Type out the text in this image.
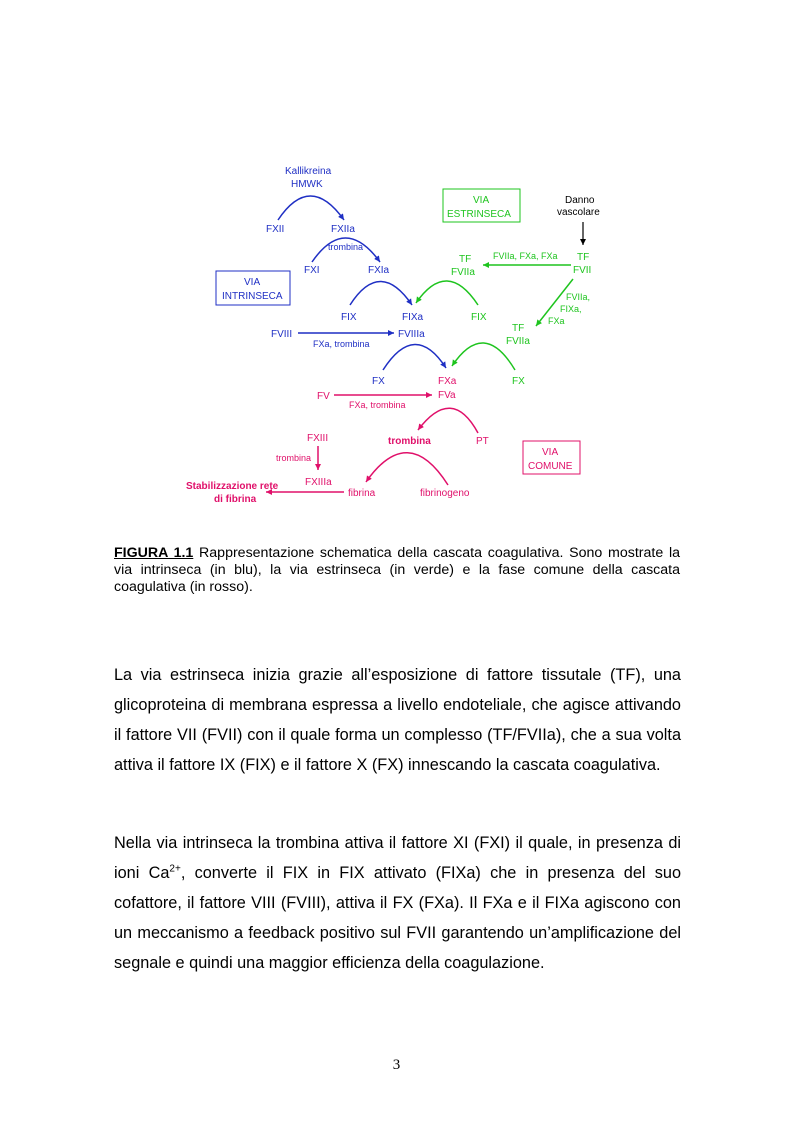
Kallikreina
HMWK
FXII	FXIIa
trombina
FXI	FXIa
VIA
INTRINSECA
FIX	FIXa
FVIII	FVIIIa
FXa, trombina
FX
VIA
ESTRINSECA
Danno
vascolare
TF
FVII
FVIIa, FXa, FXa
TF
FVIIa
FIX
FVIIa,
FIXa,
FXa
TF
FVIIa
FX
FXa
FV	FVa
FXa, trombina
trombina	PT
VIA
COMUNE
FXIII
trombina
FXIIIa
fibrina	fibrinogeno
Stabilizzazione rete
di fibrina
FIGURA 1.1 Rappresentazione schematica della cascata coagulativa. Sono mostrate la via intrinseca (in blu), la via estrinseca (in verde) e la fase comune della cascata coagulativa (in rosso).
La via estrinseca inizia grazie all’esposizione di fattore tissutale (TF), una glicoproteina di membrana espressa a livello endoteliale, che agisce attivando il fattore VII (FVII) con il quale forma un complesso (TF/FVIIa), che a sua volta attiva il fattore IX (FIX) e il fattore X (FX) innescando la cascata coagulativa.
Nella via intrinseca la trombina attiva il fattore XI (FXI) il quale, in presenza di ioni $Ca^{2+}$, converte il FIX in FIX attivato (FIXa) che in presenza del suo cofattore, il fattore VIII (FVIII), attiva il FX (FXa). Il FXa e il FIXa agiscono con un meccanismo a feedback positivo sul FVII garantendo un’amplificazione del segnale e quindi una maggior efficienza della coagulazione.
3
